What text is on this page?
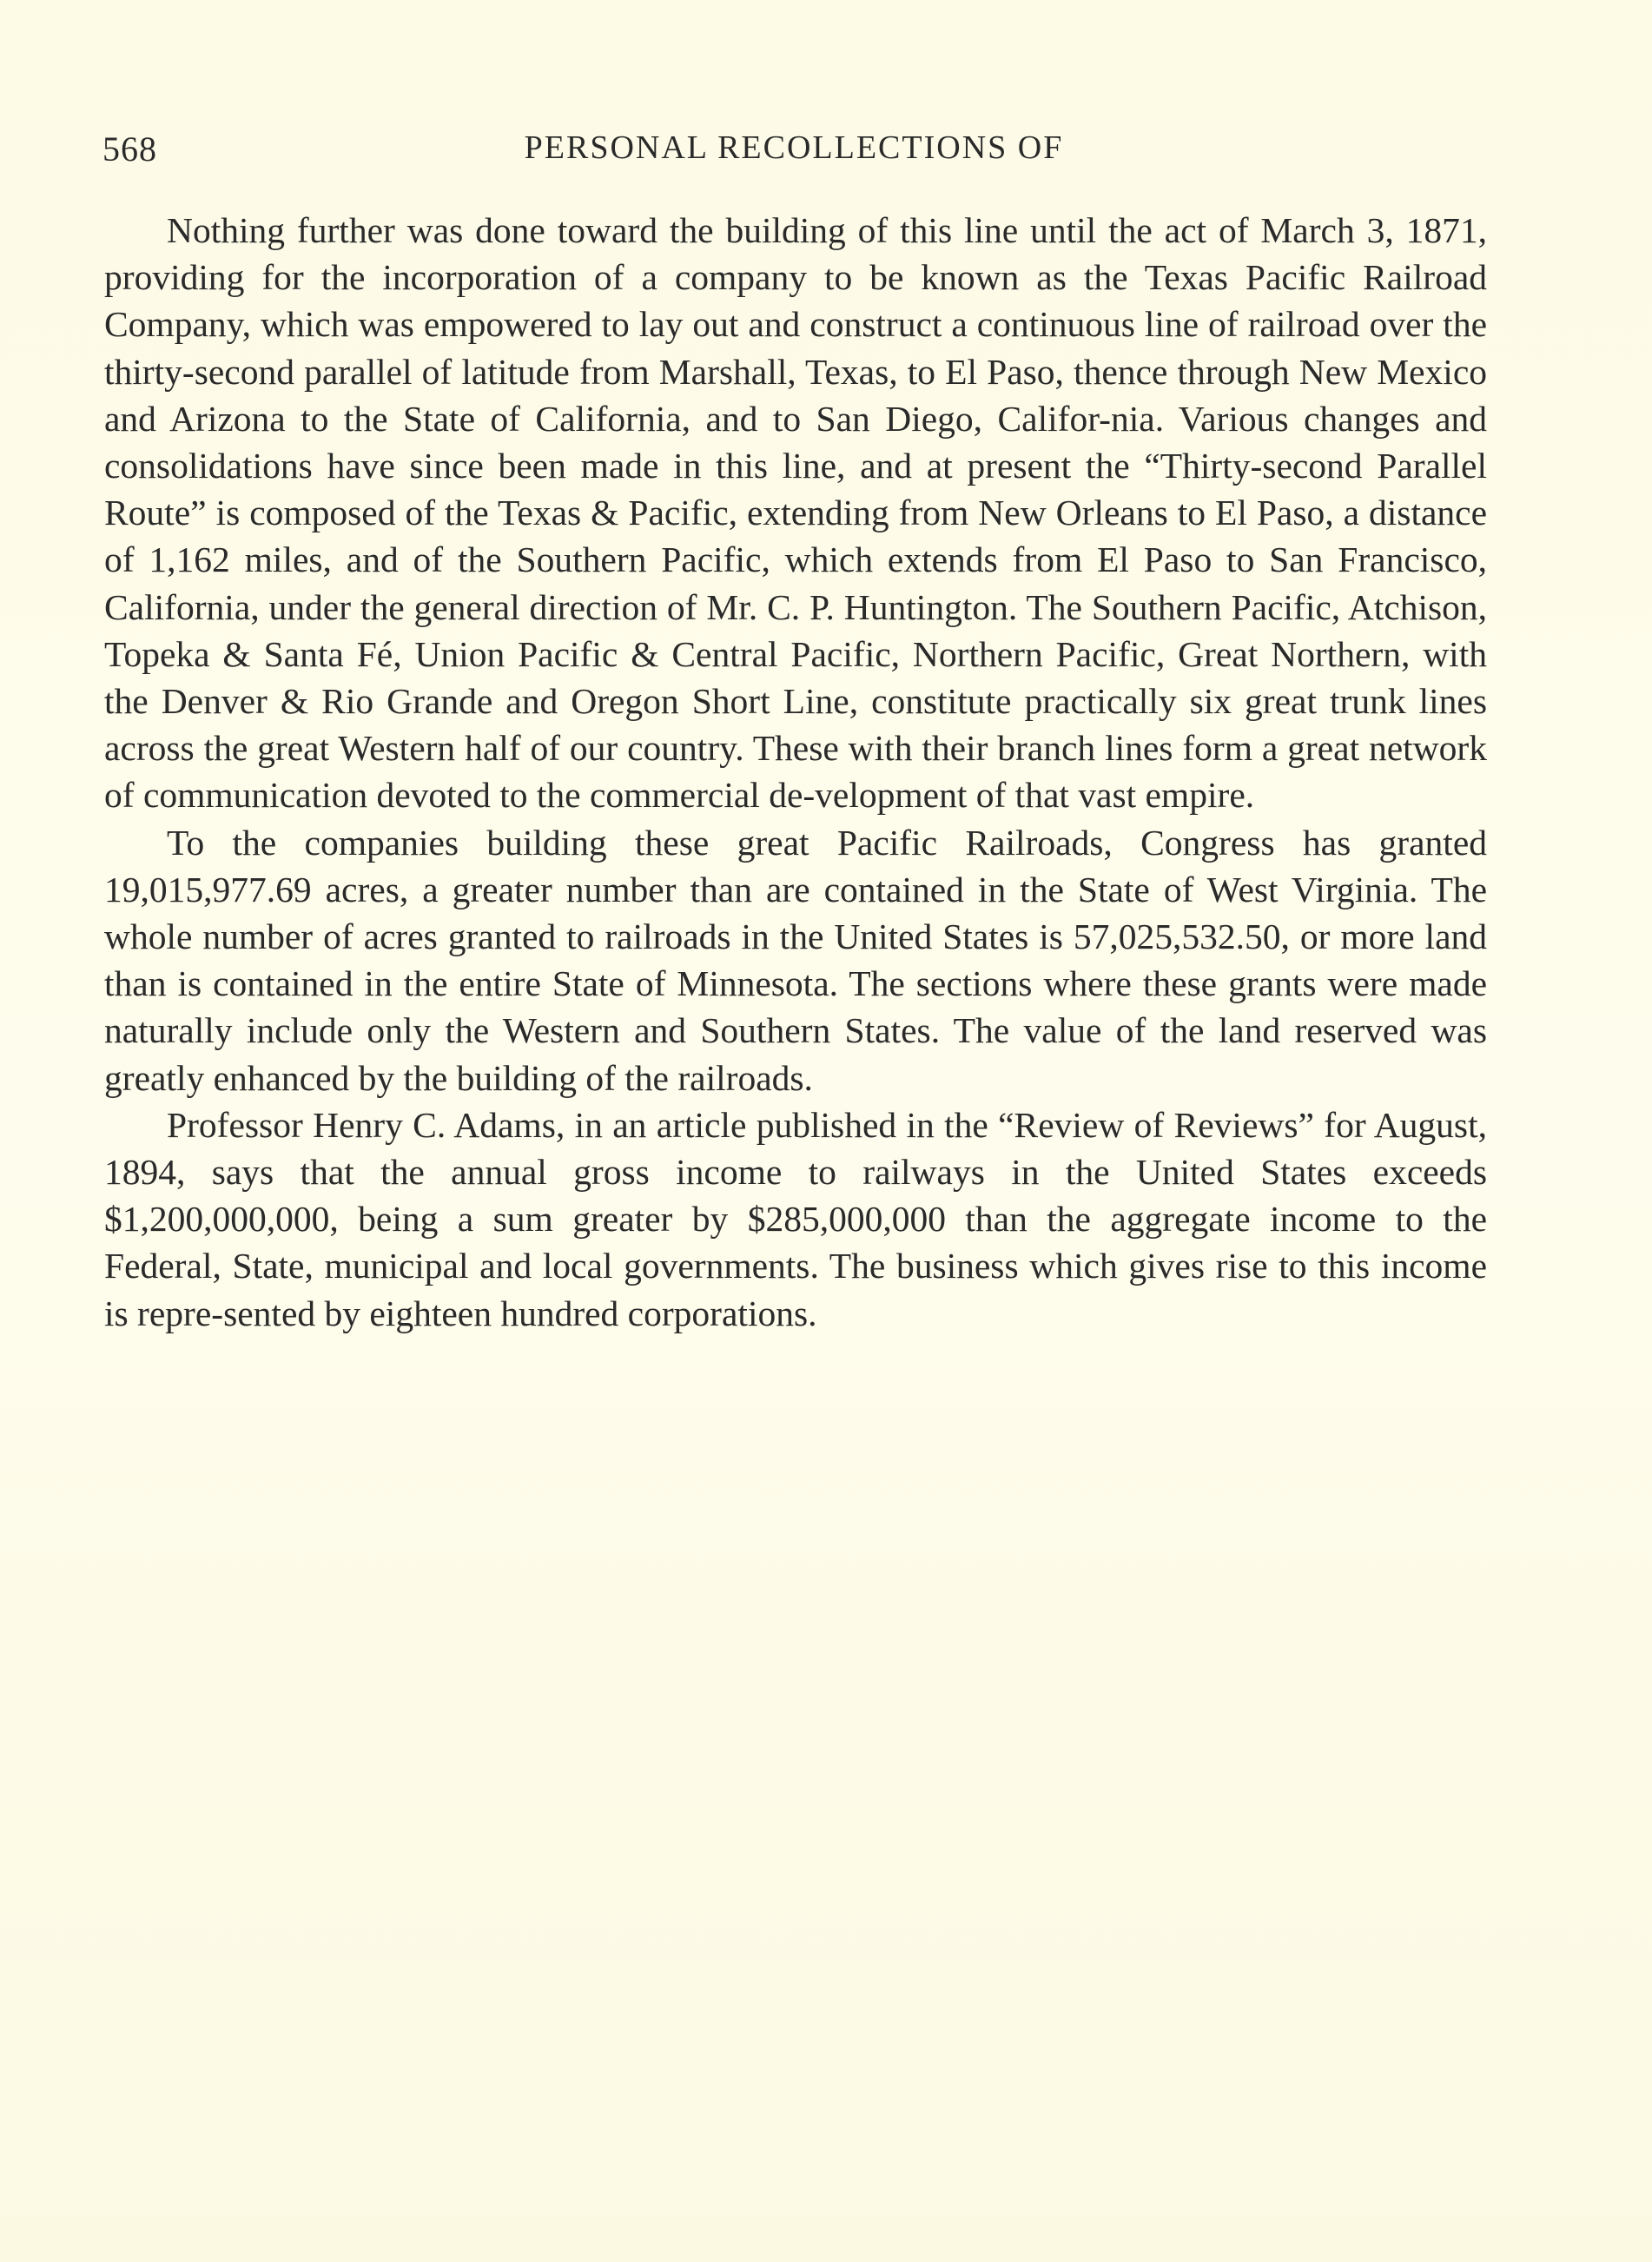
568	PERSONAL RECOLLECTIONS OF

Nothing further was done toward the building of this line until the act of March 3, 1871, providing for the incorporation of a company to be known as the Texas Pacific Railroad Company, which was empowered to lay out and construct a continuous line of railroad over the thirty-second parallel of latitude from Marshall, Texas, to El Paso, thence through New Mexico and Arizona to the State of California, and to San Diego, Califor-nia. Various changes and consolidations have since been made in this line, and at present the “Thirty-second Parallel Route” is composed of the Texas & Pacific, extending from New Orleans to El Paso, a distance of 1,162 miles, and of the Southern Pacific, which extends from El Paso to San Francisco, California, under the general direction of Mr. C. P. Huntington. The Southern Pacific, Atchison, Topeka & Santa Fé, Union Pacific & Central Pacific, Northern Pacific, Great Northern, with the Denver & Rio Grande and Oregon Short Line, constitute practically six great trunk lines across the great Western half of our country. These with their branch lines form a great network of communication devoted to the commercial de-velopment of that vast empire.

To the companies building these great Pacific Railroads, Congress has granted 19,015,977.69 acres, a greater number than are contained in the State of West Virginia. The whole number of acres granted to railroads in the United States is 57,025,532.50, or more land than is contained in the entire State of Minnesota. The sections where these grants were made naturally include only the Western and Southern States. The value of the land reserved was greatly enhanced by the building of the railroads.

Professor Henry C. Adams, in an article published in the “Review of Reviews” for August, 1894, says that the annual gross income to railways in the United States exceeds $1,200,000,000, being a sum greater by $285,000,000 than the aggregate income to the Federal, State, municipal and local governments. The business which gives rise to this income is repre-sented by eighteen hundred corporations.
